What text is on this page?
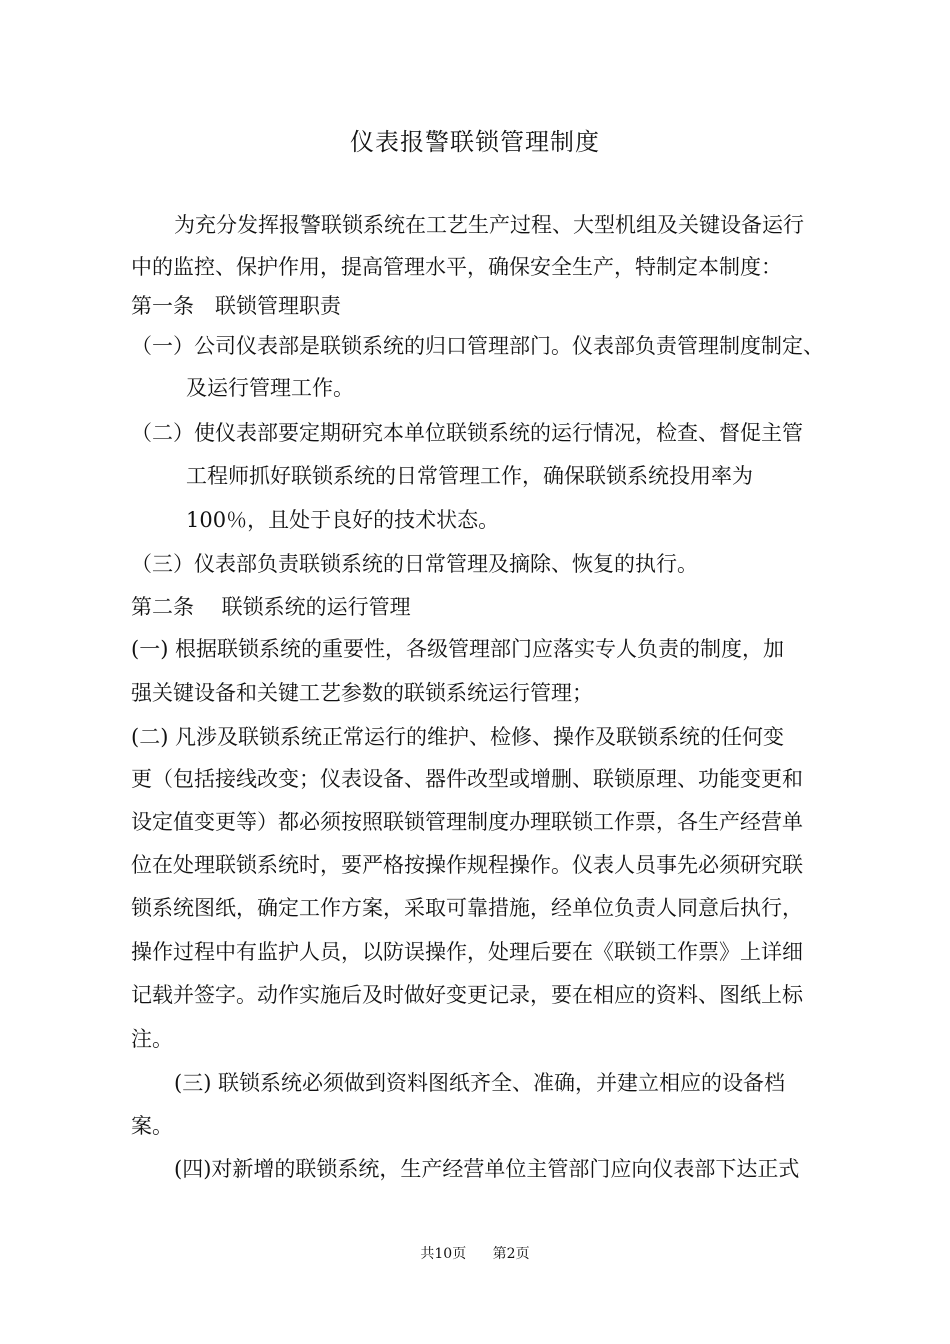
仪表报警联锁管理制度
为充分发挥报警联锁系统在工艺生产过程、大型机组及关键设备运行
中的监控、保护作用，提高管理水平，确保安全生产，特制定本制度：
第一条　联锁管理职责
（一）公司仪表部是联锁系统的归口管理部门。仪表部负责管理制度制定、
及运行管理工作。
（二）使仪表部要定期研究本单位联锁系统的运行情况，检查、督促主管
工程师抓好联锁系统的日常管理工作，确保联锁系统投用率为
100％，且处于良好的技术状态。
（三）仪表部负责联锁系统的日常管理及摘除、恢复的执行。
第二条　 联锁系统的运行管理
(一) 根据联锁系统的重要性，各级管理部门应落实专人负责的制度，加
强关键设备和关键工艺参数的联锁系统运行管理；
(二) 凡涉及联锁系统正常运行的维护、检修、操作及联锁系统的任何变
更（包括接线改变；仪表设备、器件改型或增删、联锁原理、功能变更和
设定值变更等）都必须按照联锁管理制度办理联锁工作票，各生产经营单
位在处理联锁系统时，要严格按操作规程操作。仪表人员事先必须研究联
锁系统图纸，确定工作方案，采取可靠措施，经单位负责人同意后执行，
操作过程中有监护人员，以防误操作，处理后要在《联锁工作票》上详细
记载并签字。动作实施后及时做好变更记录，要在相应的资料、图纸上标
注。
(三) 联锁系统必须做到资料图纸齐全、准确，并建立相应的设备档
案。
(四)对新增的联锁系统，生产经营单位主管部门应向仪表部下达正式
共10页 第2页
